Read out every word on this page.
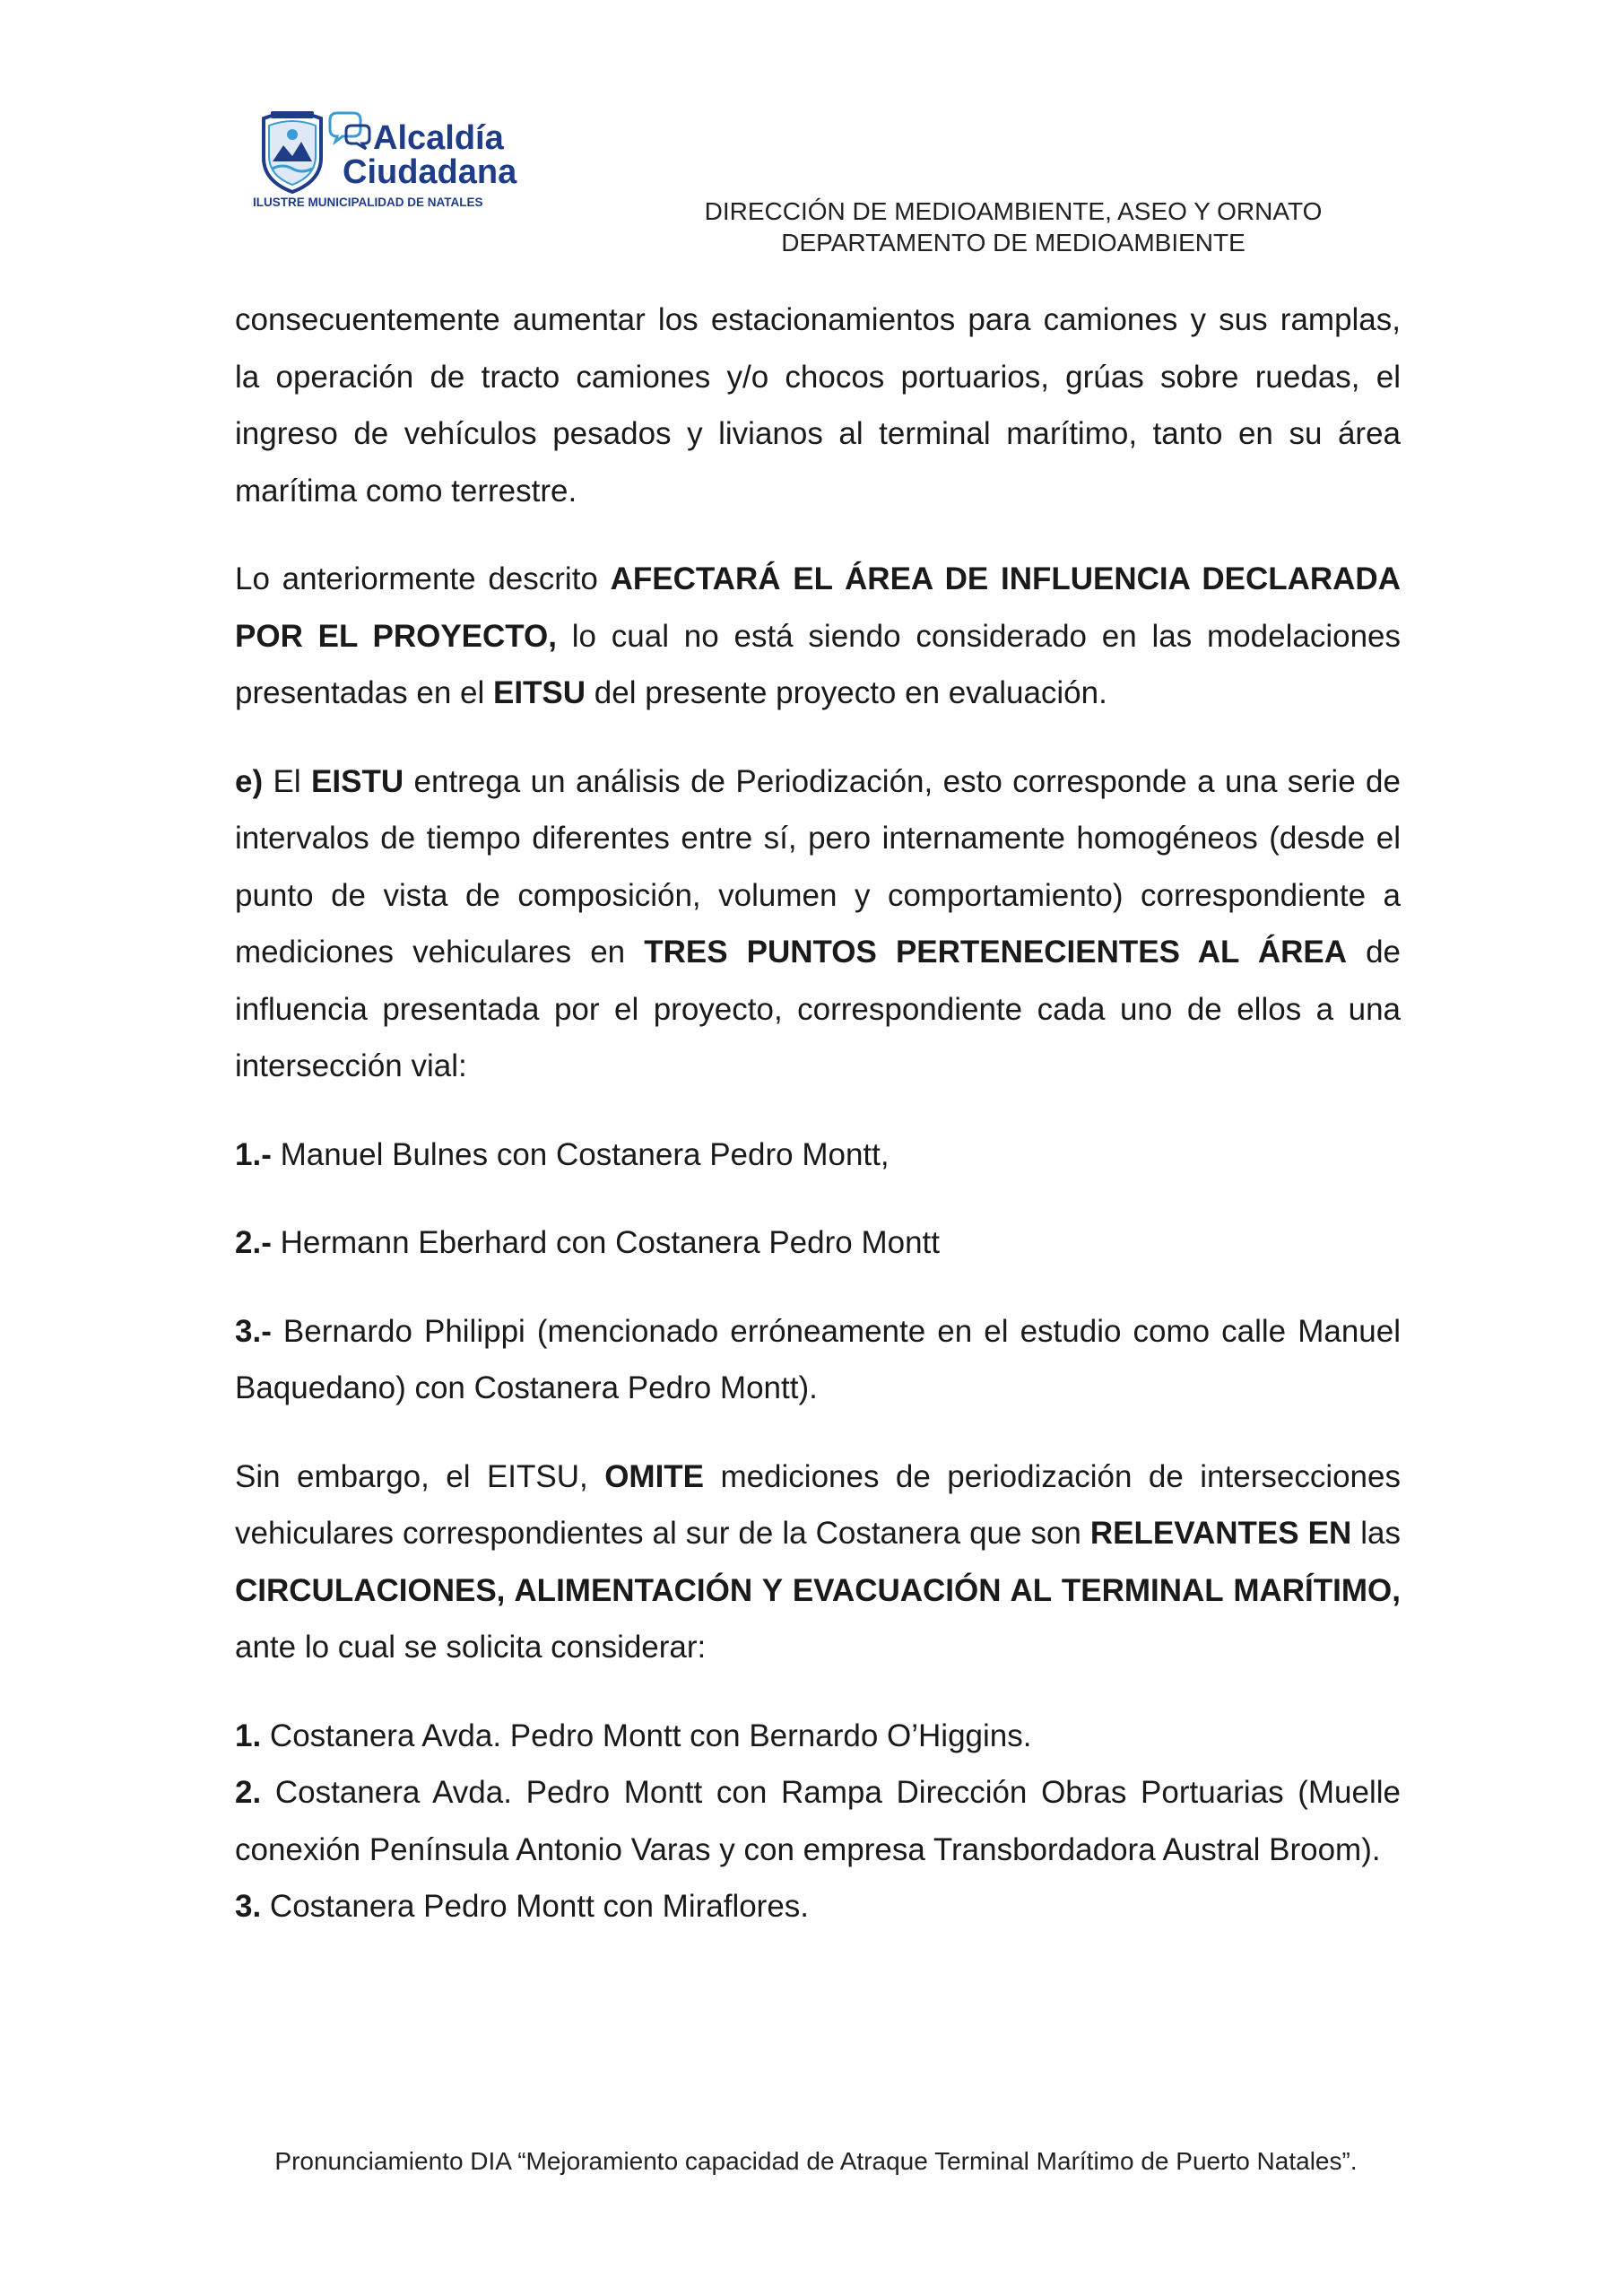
Alcaldía
Ciudadana
ILUSTRE MUNICIPALIDAD DE NATALES	DIRECCIÓN DE MEDIOAMBIENTE, ASEO Y ORNATO
DEPARTAMENTO DE MEDIOAMBIENTE

consecuentemente aumentar los estacionamientos para camiones y sus ramplas, la operación de tracto camiones y/o chocos portuarios, grúas sobre ruedas, el ingreso de vehículos pesados y livianos al terminal marítimo, tanto en su área marítima como terrestre.

Lo anteriormente descrito AFECTARÁ EL ÁREA DE INFLUENCIA DECLARADA POR EL PROYECTO, lo cual no está siendo considerado en las modelaciones presentadas en el EITSU del presente proyecto en evaluación.

e) El EISTU entrega un análisis de Periodización, esto corresponde a una serie de intervalos de tiempo diferentes entre sí, pero internamente homogéneos (desde el punto de vista de composición, volumen y comportamiento) correspondiente a mediciones vehiculares en TRES PUNTOS PERTENECIENTES AL ÁREA de influencia presentada por el proyecto, correspondiente cada uno de ellos a una intersección vial:

1.- Manuel Bulnes con Costanera Pedro Montt,

2.- Hermann Eberhard con Costanera Pedro Montt

3.- Bernardo Philippi (mencionado erróneamente en el estudio como calle Manuel Baquedano) con Costanera Pedro Montt).

Sin embargo, el EITSU, OMITE mediciones de periodización de intersecciones vehiculares correspondientes al sur de la Costanera que son RELEVANTES EN las CIRCULACIONES, ALIMENTACIÓN Y EVACUACIÓN AL TERMINAL MARÍTIMO, ante lo cual se solicita considerar:

1. Costanera Avda. Pedro Montt con Bernardo O’Higgins.

2. Costanera Avda. Pedro Montt con Rampa Dirección Obras Portuarias (Muelle conexión Península Antonio Varas y con empresa Transbordadora Austral Broom).

3. Costanera Pedro Montt con Miraflores.

Pronunciamiento DIA “Mejoramiento capacidad de Atraque Terminal Marítimo de Puerto Natales”.
